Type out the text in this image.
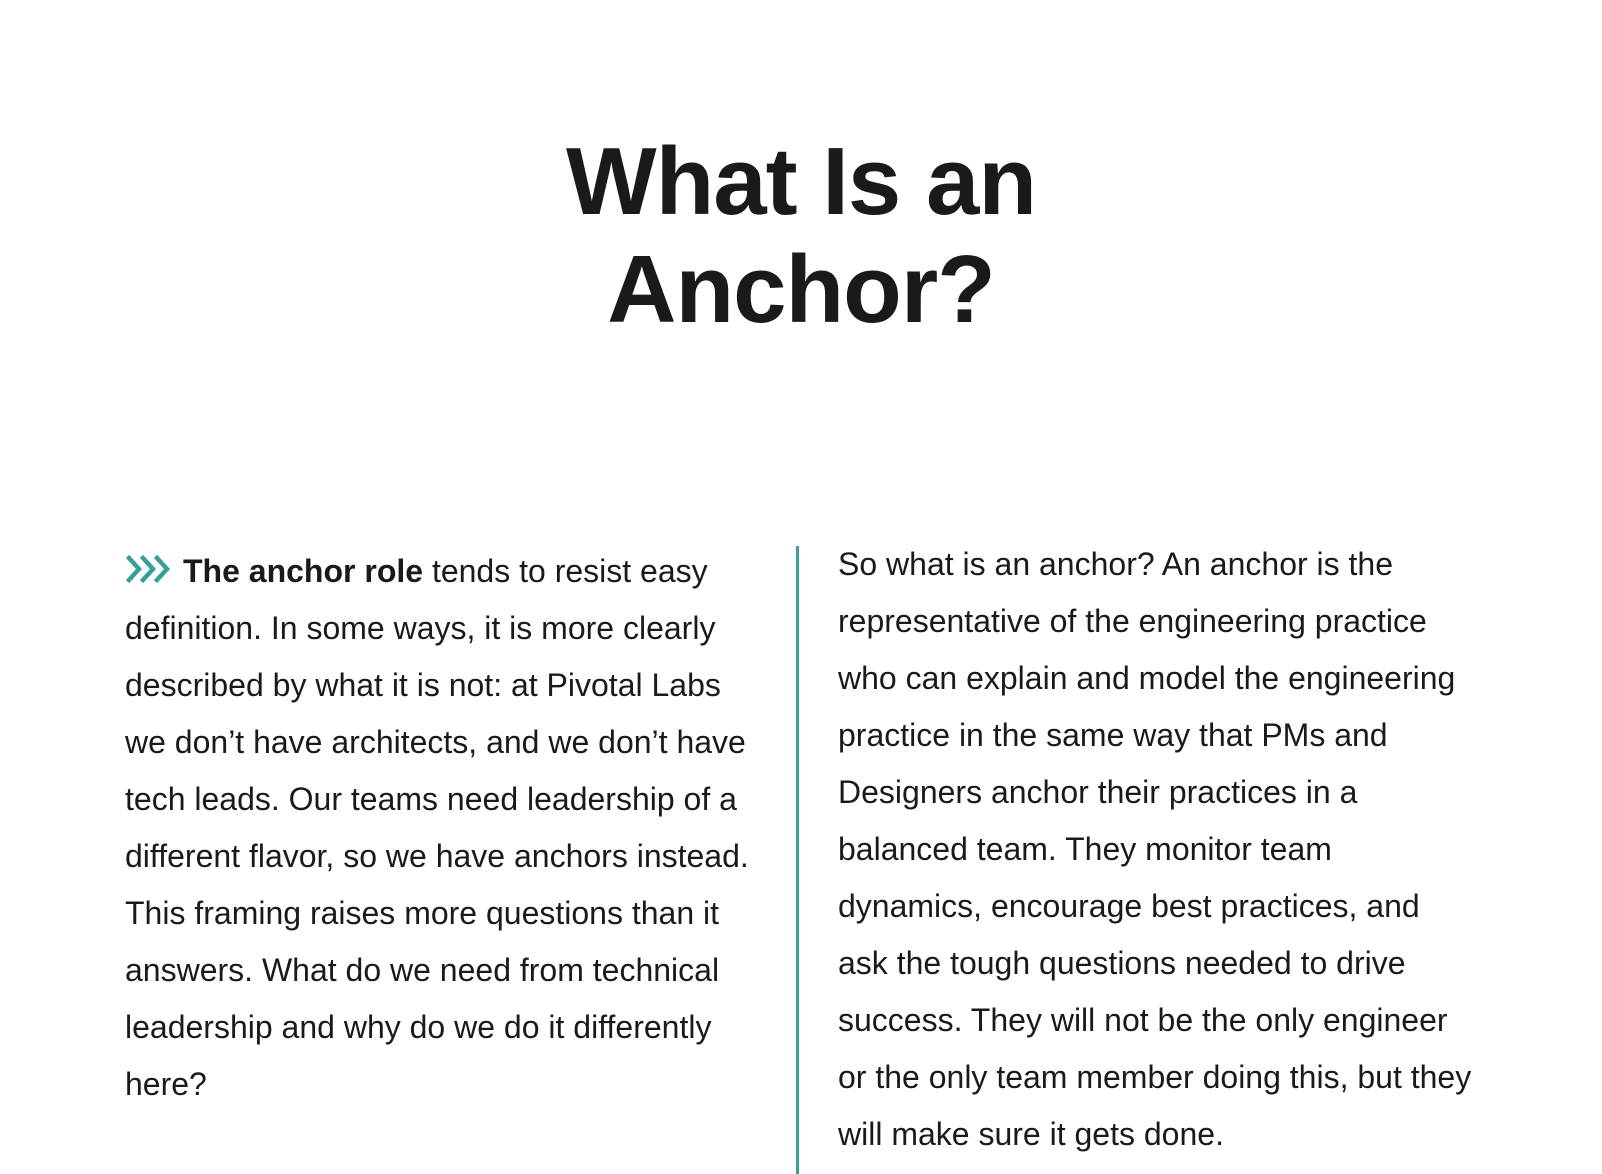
What Is an
Anchor?

The anchor role tends to resist easy definition. In some ways, it is more clearly described by what it is not: at Pivotal Labs we don’t have architects, and we don’t have tech leads. Our teams need leadership of a different flavor, so we have anchors instead. This framing raises more questions than it answers. What do we need from technical leadership and why do we do it differently here?

So what is an anchor? An anchor is the representative of the engineering practice who can explain and model the engineering practice in the same way that PMs and Designers anchor their practices in a balanced team. They monitor team dynamics, encourage best practices, and ask the tough questions needed to drive success. They will not be the only engineer or the only team member doing this, but they will make sure it gets done.
